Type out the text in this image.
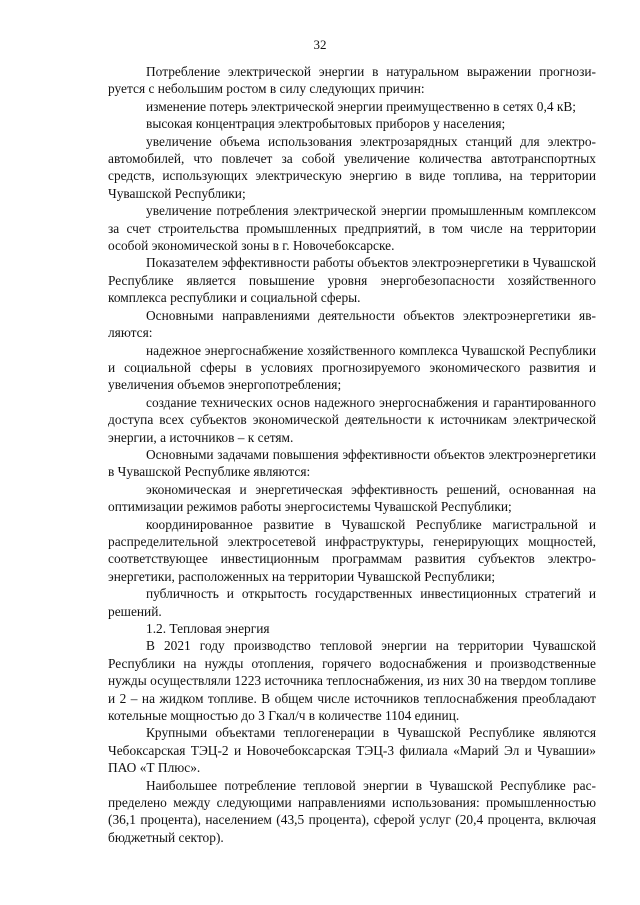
32

Потребление электрической энергии в натуральном выражении прогнозируется с небольшим ростом в силу следующих причин:

изменение потерь электрической энергии преимущественно в сетях 0,4 кВ;

высокая концентрация электробытовых приборов у населения;

увеличение объема использования электрозарядных станций для электроавтомобилей, что повлечет за собой увеличение количества автотранспортных средств, использующих электрическую энергию в виде топлива, на территории Чувашской Республики;

увеличение потребления электрической энергии промышленным комплексом за счет строительства промышленных предприятий, в том числе на территории особой экономической зоны в г. Новочебоксарске.

Показателем эффективности работы объектов электроэнергетики в Чувашской Республике является повышение уровня энергобезопасности хозяйственного комплекса республики и социальной сферы.

Основными направлениями деятельности объектов электроэнергетики являются:

надежное энергоснабжение хозяйственного комплекса Чувашской Республики и социальной сферы в условиях прогнозируемого экономического развития и увеличения объемов энергопотребления;

создание технических основ надежного энергоснабжения и гарантированного доступа всех субъектов экономической деятельности к источникам электрической энергии, а источников – к сетям.

Основными задачами повышения эффективности объектов электроэнергетики в Чувашской Республике являются:

экономическая и энергетическая эффективность решений, основанная на оптимизации режимов работы энергосистемы Чувашской Республики;

координированное развитие в Чувашской Республике магистральной и распределительной электросетевой инфраструктуры, генерирующих мощностей, соответствующее инвестиционным программам развития субъектов электроэнергетики, расположенных на территории Чувашской Республики;

публичность и открытость государственных инвестиционных стратегий и решений.

1.2. Тепловая энергия

В 2021 году производство тепловой энергии на территории Чувашской Республики на нужды отопления, горячего водоснабжения и производственные нужды осуществляли 1223 источника теплоснабжения, из них 30 на твердом топливе и 2 – на жидком топливе. В общем числе источников теплоснабжения преобладают котельные мощностью до 3 Гкал/ч в количестве 1104 единиц.

Крупными объектами теплогенерации в Чувашской Республике являются Чебоксарская ТЭЦ-2 и Новочебоксарская ТЭЦ-3 филиала «Марий Эл и Чувашии» ПАО «Т Плюс».

Наибольшее потребление тепловой энергии в Чувашской Республике распределено между следующими направлениями использования: промышленностью (36,1 процента), населением (43,5 процента), сферой услуг (20,4 процента, включая бюджетный сектор).
